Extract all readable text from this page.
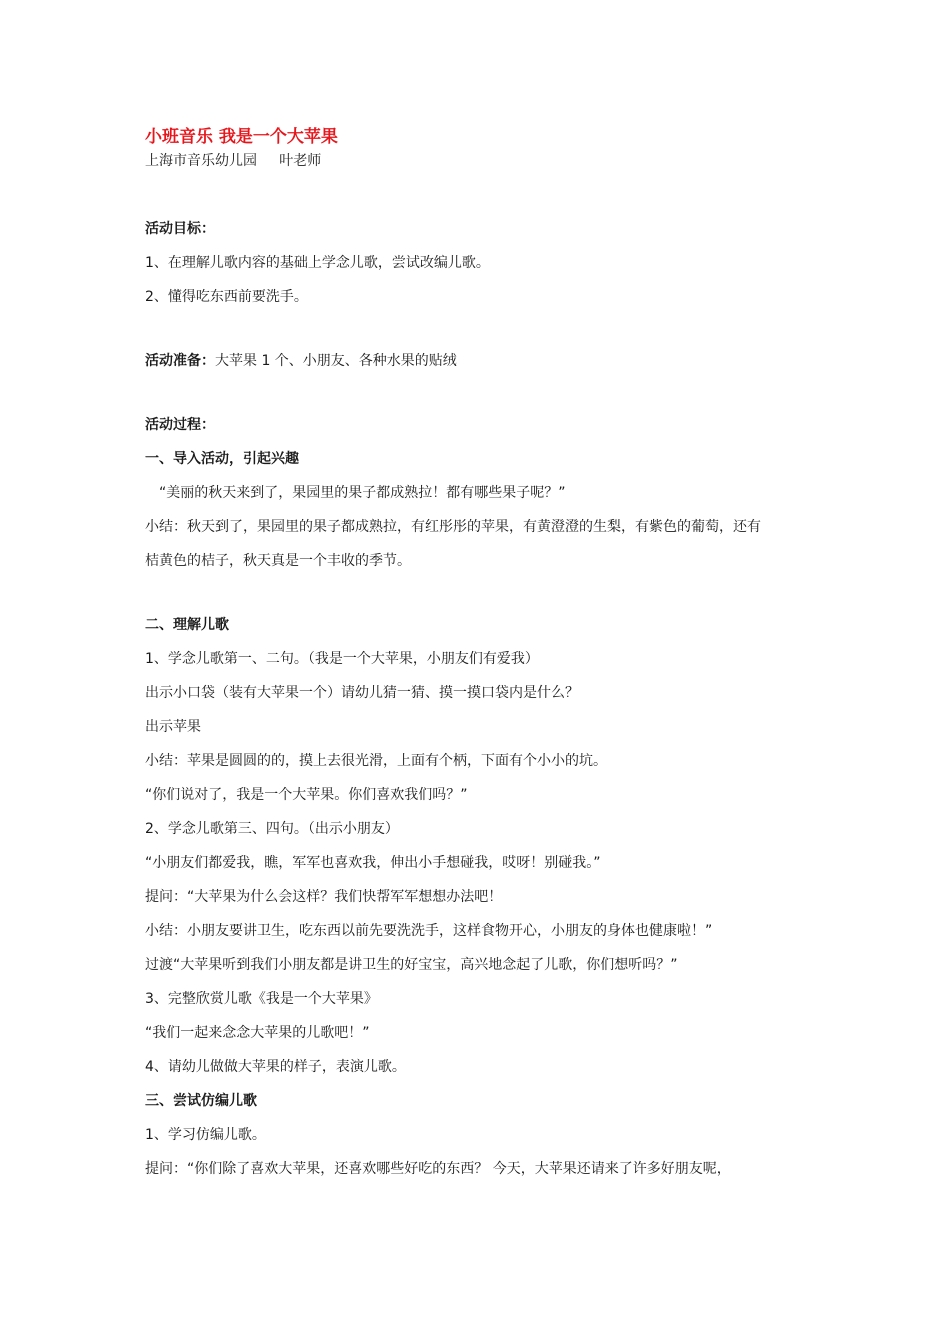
小班音乐 我是一个大苹果

上海市音乐幼儿园     叶老师

活动目标：

1、在理解儿歌内容的基础上学念儿歌，尝试改编儿歌。

2、懂得吃东西前要洗手。

活动准备：大苹果 1 个、小朋友、各种水果的贴绒

活动过程：

一、导入活动，引起兴趣

“美丽的秋天来到了，果园里的果子都成熟拉！都有哪些果子呢？”

小结：秋天到了，果园里的果子都成熟拉，有红彤彤的苹果，有黄澄澄的生梨，有紫色的葡萄，还有

桔黄色的桔子，秋天真是一个丰收的季节。

二、理解儿歌

1、学念儿歌第一、二句。（我是一个大苹果，小朋友们有爱我）

出示小口袋（装有大苹果一个）请幼儿猜一猜、摸一摸口袋内是什么？

出示苹果

小结：苹果是圆圆的的，摸上去很光滑，上面有个柄，下面有个小小的坑。

“你们说对了，我是一个大苹果。你们喜欢我们吗？”

2、学念儿歌第三、四句。（出示小朋友）

“小朋友们都爱我，瞧，军军也喜欢我，伸出小手想碰我，哎呀！别碰我。”

提问：“大苹果为什么会这样？我们快帮军军想想办法吧！

小结：小朋友要讲卫生，吃东西以前先要洗洗手，这样食物开心，小朋友的身体也健康啦！”

过渡“大苹果听到我们小朋友都是讲卫生的好宝宝，高兴地念起了儿歌，你们想听吗？”

3、完整欣赏儿歌《我是一个大苹果》

“我们一起来念念大苹果的儿歌吧！”

4、请幼儿做做大苹果的样子，表演儿歌。

三、尝试仿编儿歌

1、学习仿编儿歌。

提问：“你们除了喜欢大苹果，还喜欢哪些好吃的东西？ 今天，大苹果还请来了许多好朋友呢，
